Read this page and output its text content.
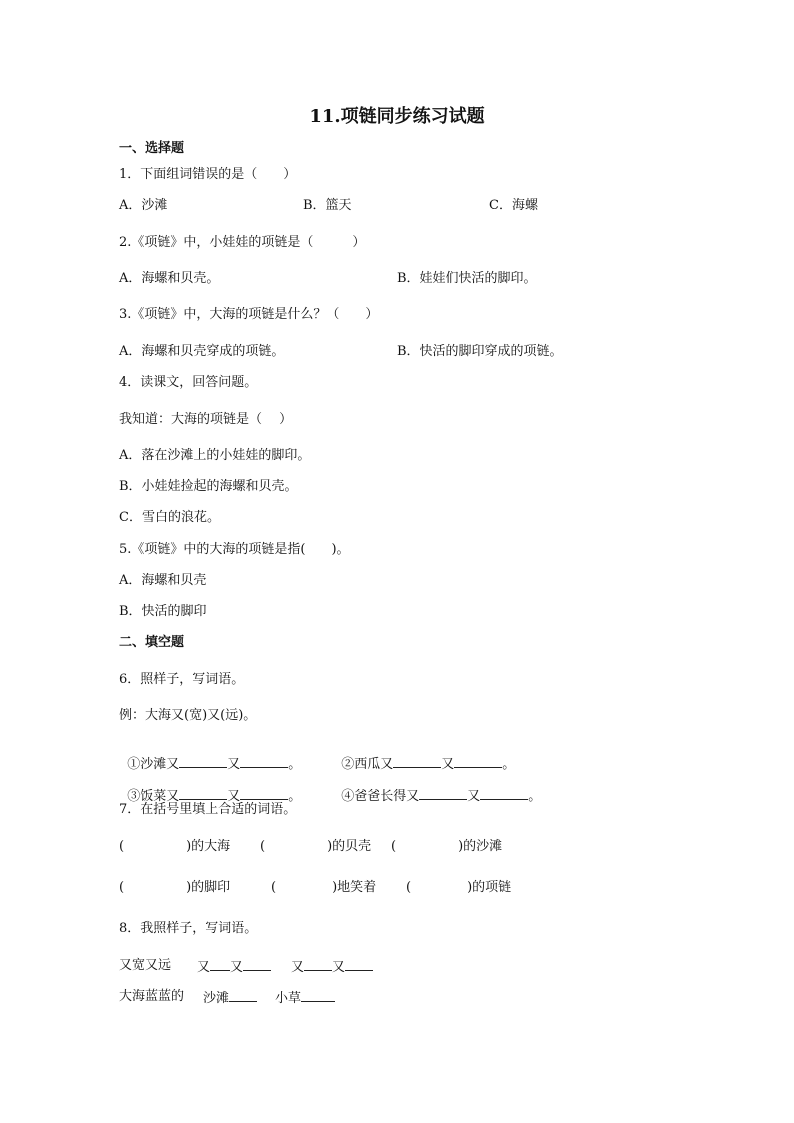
11.项链同步练习试题
一、选择题
1．下面组词错误的是（　　）
A．沙滩	B．篮天	C．海螺
2.《项链》中，小娃娃的项链是（　　　）
A．海螺和贝壳。	B．娃娃们快活的脚印。
3.《项链》中，大海的项链是什么？（　　）
A．海螺和贝壳穿成的项链。	B．快活的脚印穿成的项链。
4．读课文，回答问题。
我知道：大海的项链是（　 ）
A．落在沙滩上的小娃娃的脚印。
B．小娃娃捡起的海螺和贝壳。
C．雪白的浪花。
5.《项链》中的大海的项链是指(　　)。
A．海螺和贝壳
B．快活的脚印
二、填空题
6．照样子，写词语。
例：大海又(宽)又(远)。

①沙滩又	又	。	②西瓜又	又	。

③饭菜又	又	。	④爸爸长得又	又	。

7．在括号里填上合适的词语。
(	)的大海 (	)的贝壳 (	)的沙滩
(	)的脚印	(	)地笑着 (	)的项链
8．我照样子，写词语。
又宽又远 又 又	又 又
大海蓝蓝的 沙滩	小草
